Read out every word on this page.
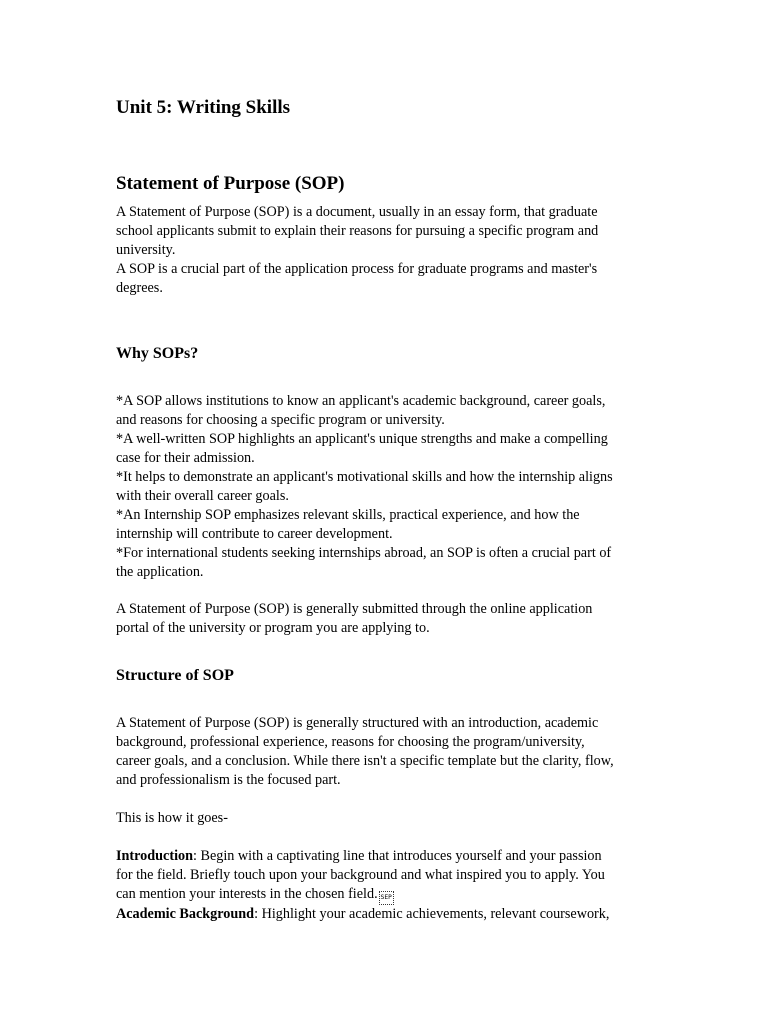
Unit 5: Writing Skills
Statement of Purpose (SOP)

A Statement of Purpose (SOP) is a document, usually in an essay form, that graduate
school applicants submit to explain their reasons for pursuing a specific program and
university.
A SOP is a crucial part of the application process for graduate programs and master's
degrees.

Why SOPs?

*A SOP allows institutions to know an applicant's academic background, career goals,
and reasons for choosing a specific program or university.
*A well-written SOP highlights an applicant's unique strengths and make a compelling
case for their admission.
*It helps to demonstrate an applicant's motivational skills and how the internship aligns
with their overall career goals.
*An Internship SOP emphasizes relevant skills, practical experience, and how the
internship will contribute to career development.
*For international students seeking internships abroad, an SOP is often a crucial part of
the application.

A Statement of Purpose (SOP) is generally submitted through the online application
portal of the university or program you are applying to.

Structure of SOP

A Statement of Purpose (SOP) is generally structured with an introduction, academic
background, professional experience, reasons for choosing the program/university,
career goals, and a conclusion. While there isn't a specific template but the clarity, flow,
and professionalism is the focused part.

This is how it goes-

Introduction: Begin with a captivating line that introduces yourself and your passion
for the field. Briefly touch upon your background and what inspired you to apply. You
can mention your interests in the chosen field. SEP
Academic Background: Highlight your academic achievements, relevant coursework,
